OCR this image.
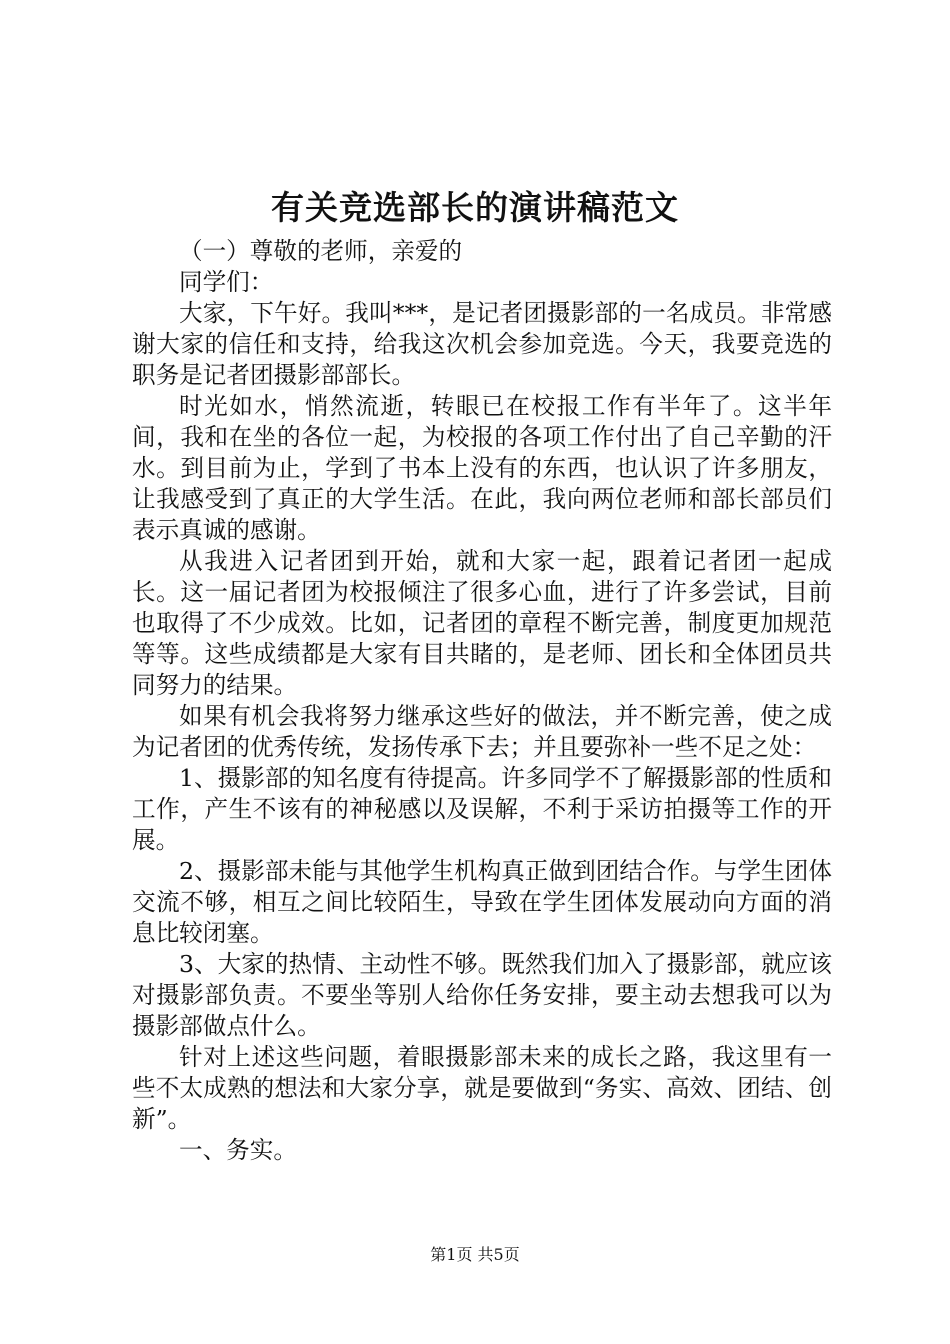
有关竞选部长的演讲稿范文

（一）尊敬的老师，亲爱的

同学们：

大家，下午好。我叫***，是记者团摄影部的一名成员。非常感谢大家的信任和支持，给我这次机会参加竞选。今天，我要竞选的职务是记者团摄影部部长。

时光如水，悄然流逝，转眼已在校报工作有半年了。这半年间，我和在坐的各位一起，为校报的各项工作付出了自己辛勤的汗水。到目前为止，学到了书本上没有的东西，也认识了许多朋友，让我感受到了真正的大学生活。在此，我向两位老师和部长部员们表示真诚的感谢。

从我进入记者团到开始，就和大家一起，跟着记者团一起成长。这一届记者团为校报倾注了很多心血，进行了许多尝试，目前也取得了不少成效。比如，记者团的章程不断完善，制度更加规范等等。这些成绩都是大家有目共睹的，是老师、团长和全体团员共同努力的结果。

如果有机会我将努力继承这些好的做法，并不断完善，使之成为记者团的优秀传统，发扬传承下去；并且要弥补一些不足之处：

1、摄影部的知名度有待提高。许多同学不了解摄影部的性质和工作，产生不该有的神秘感以及误解，不利于采访拍摄等工作的开展。

2、摄影部未能与其他学生机构真正做到团结合作。与学生团体交流不够，相互之间比较陌生，导致在学生团体发展动向方面的消息比较闭塞。

3、大家的热情、主动性不够。既然我们加入了摄影部，就应该对摄影部负责。不要坐等别人给你任务安排，要主动去想我可以为摄影部做点什么。

针对上述这些问题，着眼摄影部未来的成长之路，我这里有一些不太成熟的想法和大家分享，就是要做到“务实、高效、团结、创新”。

一、务实。

第1页 共5页
